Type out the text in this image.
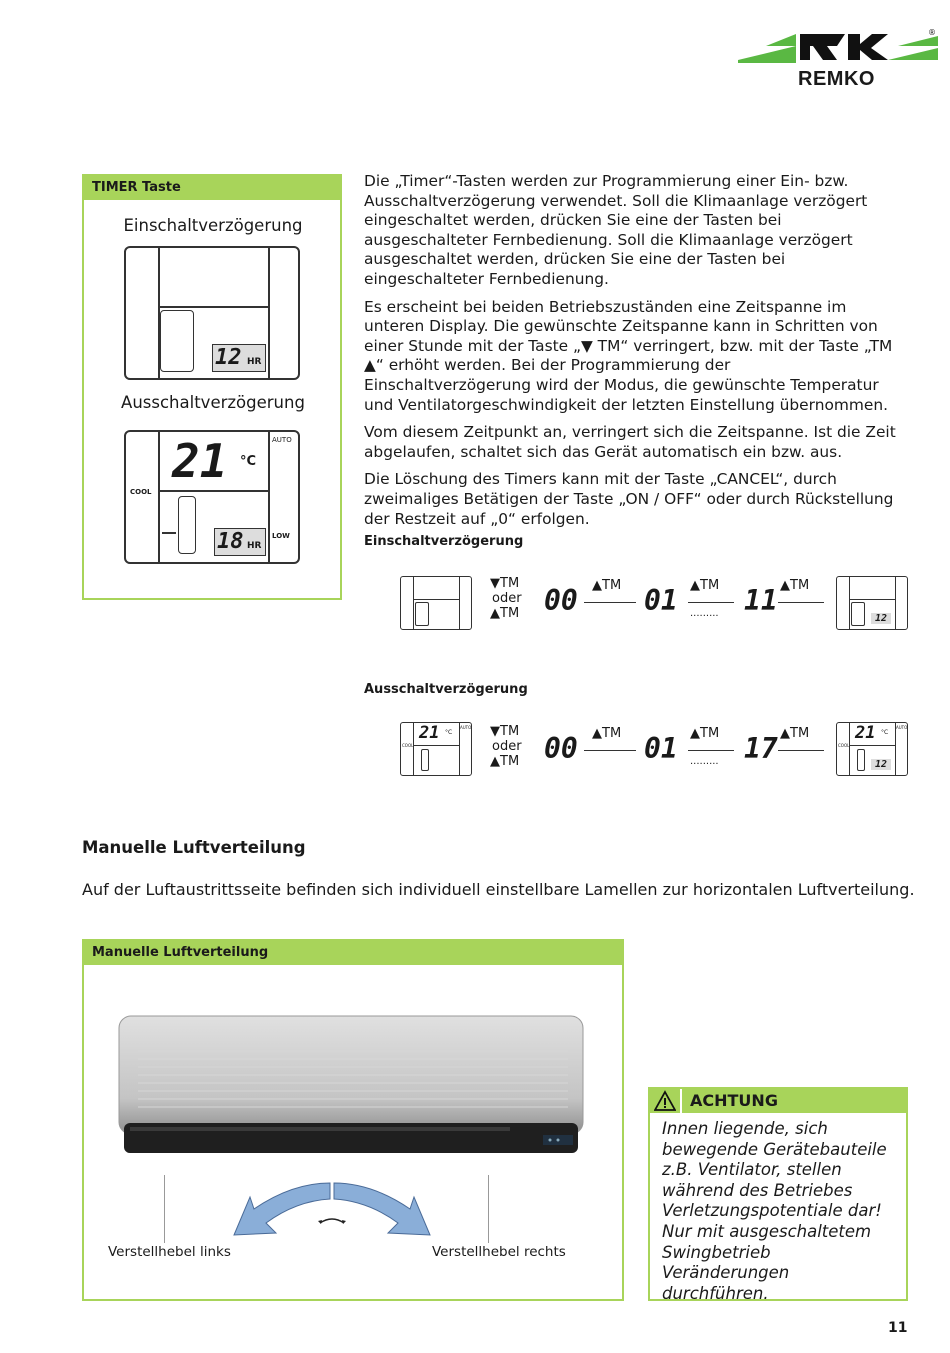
®
REMKO
TIMER Taste
Einschaltverzögerung
12 HR
Ausschaltverzögerung
21 °C
AUTO
COOL
18 HR
LOW

Die „Timer“-Tasten werden zur Programmierung einer Ein- bzw. Ausschaltverzögerung verwendet. Soll die Klimaanlage verzögert eingeschaltet werden, drücken Sie eine der Tasten bei ausgeschalteter Fernbedienung. Soll die Klimaanlage verzögert ausgeschaltet werden, drücken Sie eine der Tasten bei eingeschalteter Fernbedienung.

Es erscheint bei beiden Betriebszuständen eine Zeitspanne im unteren Display. Die gewünschte Zeitspanne kann in Schritten von einer Stunde mit der Taste „▼ TM“ verringert, bzw. mit der Taste „TM ▲“ erhöht werden. Bei der Programmierung der Einschaltverzögerung wird der Modus, die gewünschte Temperatur und Ventilatorgeschwindigkeit der letzten Einstellung übernommen.

Vom diesem Zeitpunkt an, verringert sich die Zeitspanne. Ist die Zeit abgelaufen, schaltet sich das Gerät automatisch ein bzw. aus.

Die Löschung des Timers kann mit der Taste „CANCEL“, durch zweimaliges Betätigen der Taste „ON / OFF“ oder durch Rückstellung der Restzeit auf „0“ erfolgen.

Einschaltverzögerung
▼TM
oder
▲TM 00 ▲TM 01 ▲TM
......... 11 ▲TM
12
Ausschaltverzögerung
21 °C
AUTO
COOL
▼TM
oder
▲TM 00 ▲TM 01 ▲TM
......... 17 ▲TM	21 °C
AUTO
COOL
12
Manuelle Luftverteilung
Auf der Luftaustrittsseite befinden sich individuell einstellbare Lamellen zur horizontalen Luftverteilung.
Manuelle Luftverteilung
Verstellhebel links	Verstellhebel rechts
ACHTUNG
Innen liegende, sich bewegende Gerätebauteile z.B. Ventilator, stellen während des Betriebes Verletzungspotentiale dar! Nur mit ausgeschaltetem Swingbetrieb Veränderungen durchführen.
11
